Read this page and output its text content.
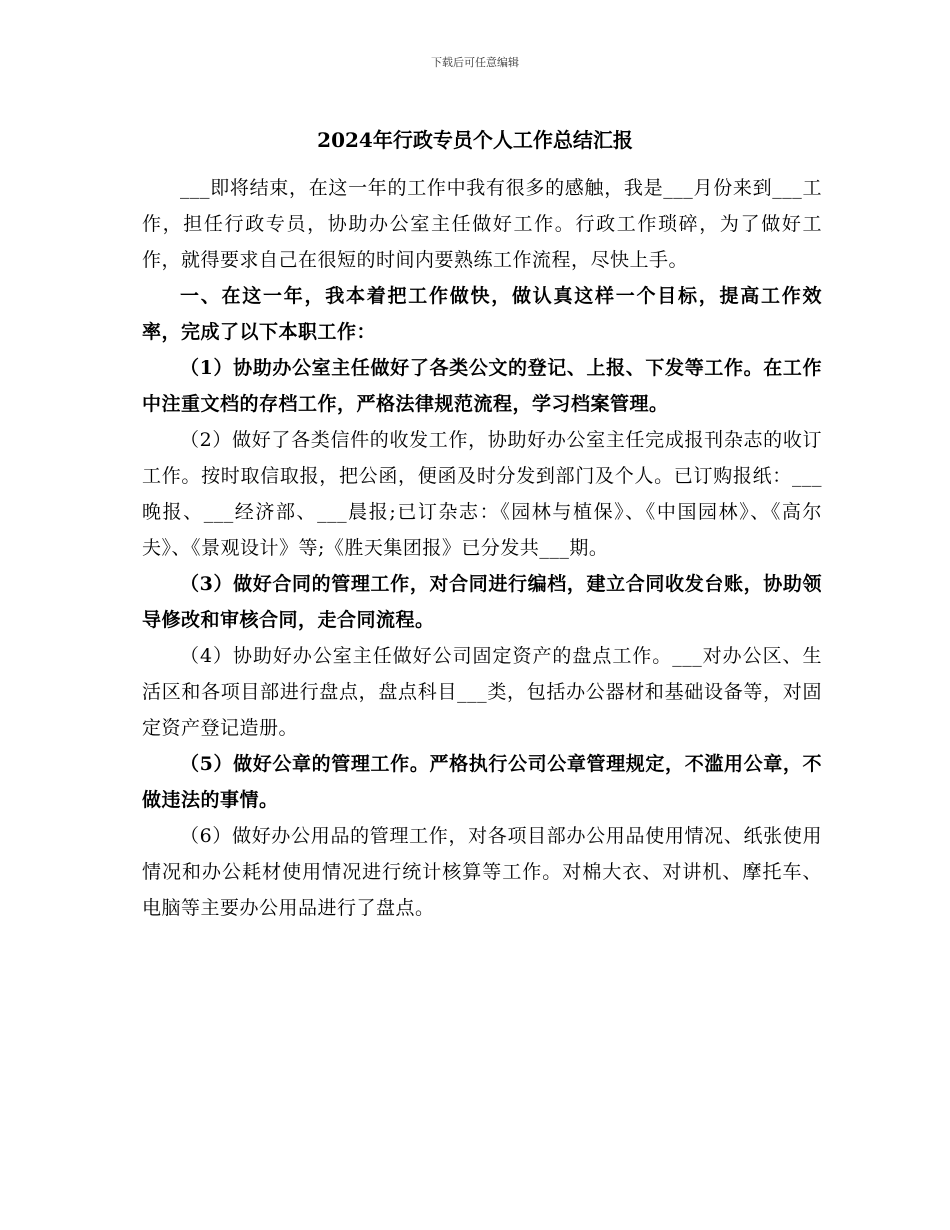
下载后可任意编辑
2024年行政专员个人工作总结汇报

___即将结束，在这一年的工作中我有很多的感触，我是___月份来到___工作，担任行政专员，协助办公室主任做好工作。行政工作琐碎，为了做好工作，就得要求自己在很短的时间内要熟练工作流程，尽快上手。

一、在这一年，我本着把工作做快，做认真这样一个目标，提高工作效率，完成了以下本职工作：

（1）协助办公室主任做好了各类公文的登记、上报、下发等工作。在工作中注重文档的存档工作，严格法律规范流程，学习档案管理。

（2）做好了各类信件的收发工作，协助好办公室主任完成报刊杂志的收订工作。按时取信取报，把公函，便函及时分发到部门及个人。已订购报纸：___晚报、___经济部、___晨报;已订杂志：《园林与植保》、《中国园林》、《高尔夫》、《景观设计》等;《胜天集团报》已分发共___期。

（3）做好合同的管理工作，对合同进行编档，建立合同收发台账，协助领导修改和审核合同，走合同流程。

（4）协助好办公室主任做好公司固定资产的盘点工作。___对办公区、生活区和各项目部进行盘点，盘点科目___类，包括办公器材和基础设备等，对固定资产登记造册。

（5）做好公章的管理工作。严格执行公司公章管理规定，不滥用公章，不做违法的事情。

（6）做好办公用品的管理工作，对各项目部办公用品使用情况、纸张使用情况和办公耗材使用情况进行统计核算等工作。对棉大衣、对讲机、摩托车、电脑等主要办公用品进行了盘点。
